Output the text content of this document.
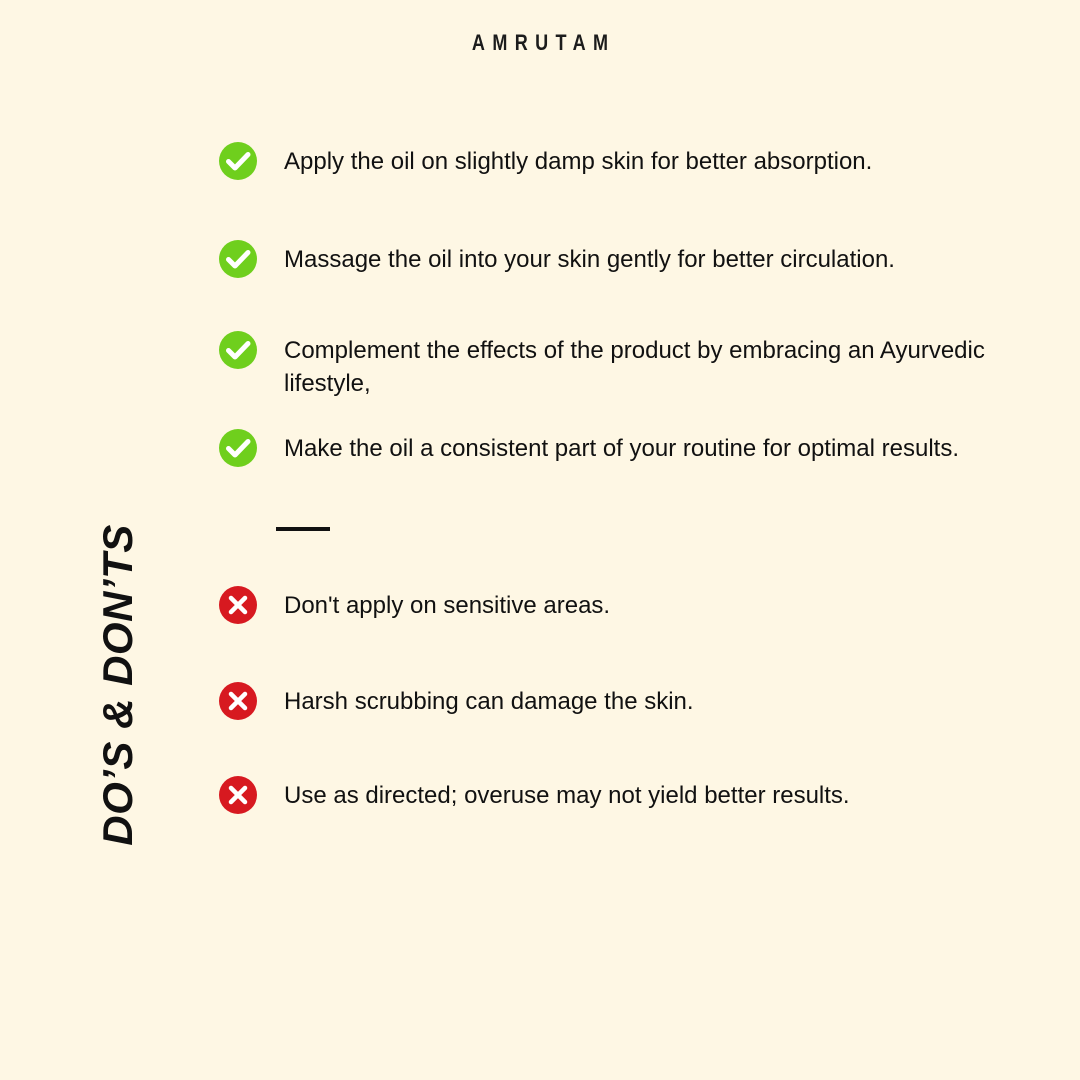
AMRUTAM
DO’S & DON’TS
Apply the oil on slightly damp skin for better absorption.
Massage the oil into your skin gently for better circulation.
Complement the effects of the product by embracing an Ayurvedic lifestyle,
Make the oil a consistent part of your routine for optimal results.
Don't apply on sensitive areas.
Harsh scrubbing can damage the skin.
Use as directed; overuse may not yield better results.
